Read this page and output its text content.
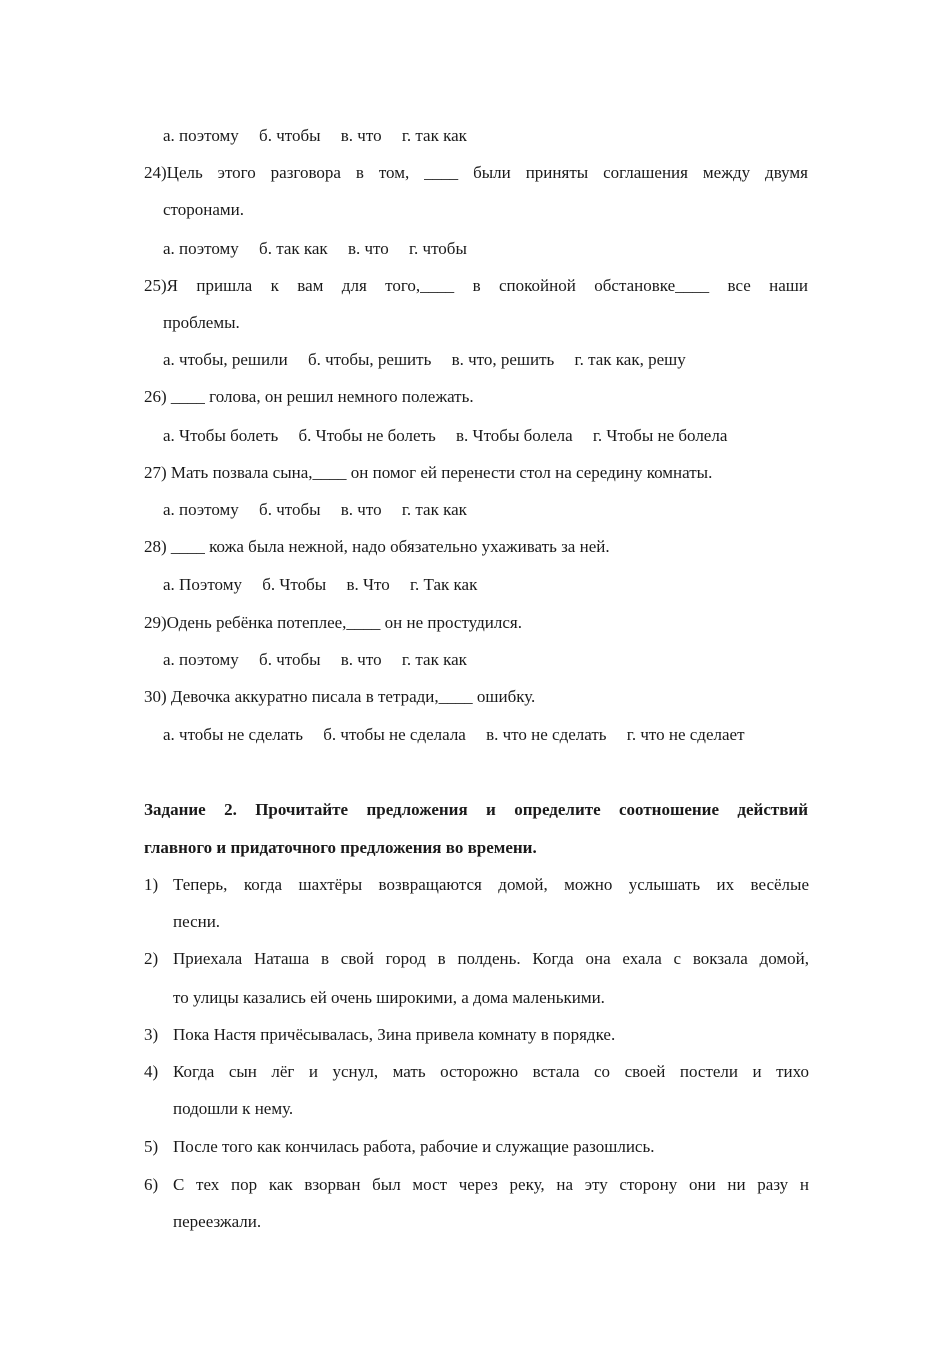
а. поэтому б. чтобы в. что г. так как
24)Цель этого разговора в том, ____ были приняты соглашения между двумя
сторонами.
а. поэтому б. так как в. что г. чтобы
25)Я пришла к вам для того,____ в спокойной обстановке____ все наши
проблемы.
а. чтобы, решили б. чтобы, решить в. что, решить г. так как, решу
26) ____ голова, он решил немного полежать.
а. Чтобы болеть б. Чтобы не болеть в. Чтобы болела г. Чтобы не болела
27) Мать позвала сына,____ он помог ей перенести стол на середину комнаты.
а. поэтому б. чтобы в. что г. так как
28) ____ кожа была нежной, надо обязательно ухаживать за ней.
а. Поэтому б. Чтобы в. Что г. Так как
29)Одень ребёнка потеплее,____ он не простудился.
а. поэтому б. чтобы в. что г. так как
30) Девочка аккуратно писала в тетради,____ ошибку.
а. чтобы не сделать б. чтобы не сделала в. что не сделать г. что не сделает
Задание 2. Прочитайте предложения и определите соотношение действий
главного и придаточного предложения во времени.
1) Теперь, когда шахтёры возвращаются домой, можно услышать их весёлые
песни.
2) Приехала Наташа в свой город в полдень. Когда она ехала с вокзала домой,
то улицы казались ей очень широкими, а дома маленькими.
3) Пока Настя причёсывалась, Зина привела комнату в порядке.
4) Когда сын лёг и уснул, мать осторожно встала со своей постели и тихо
подошли к нему.
5) После того как кончилась работа, рабочие и служащие разошлись.
6) С тех пор как взорван был мост через реку, на эту сторону они ни разу н
переезжали.
